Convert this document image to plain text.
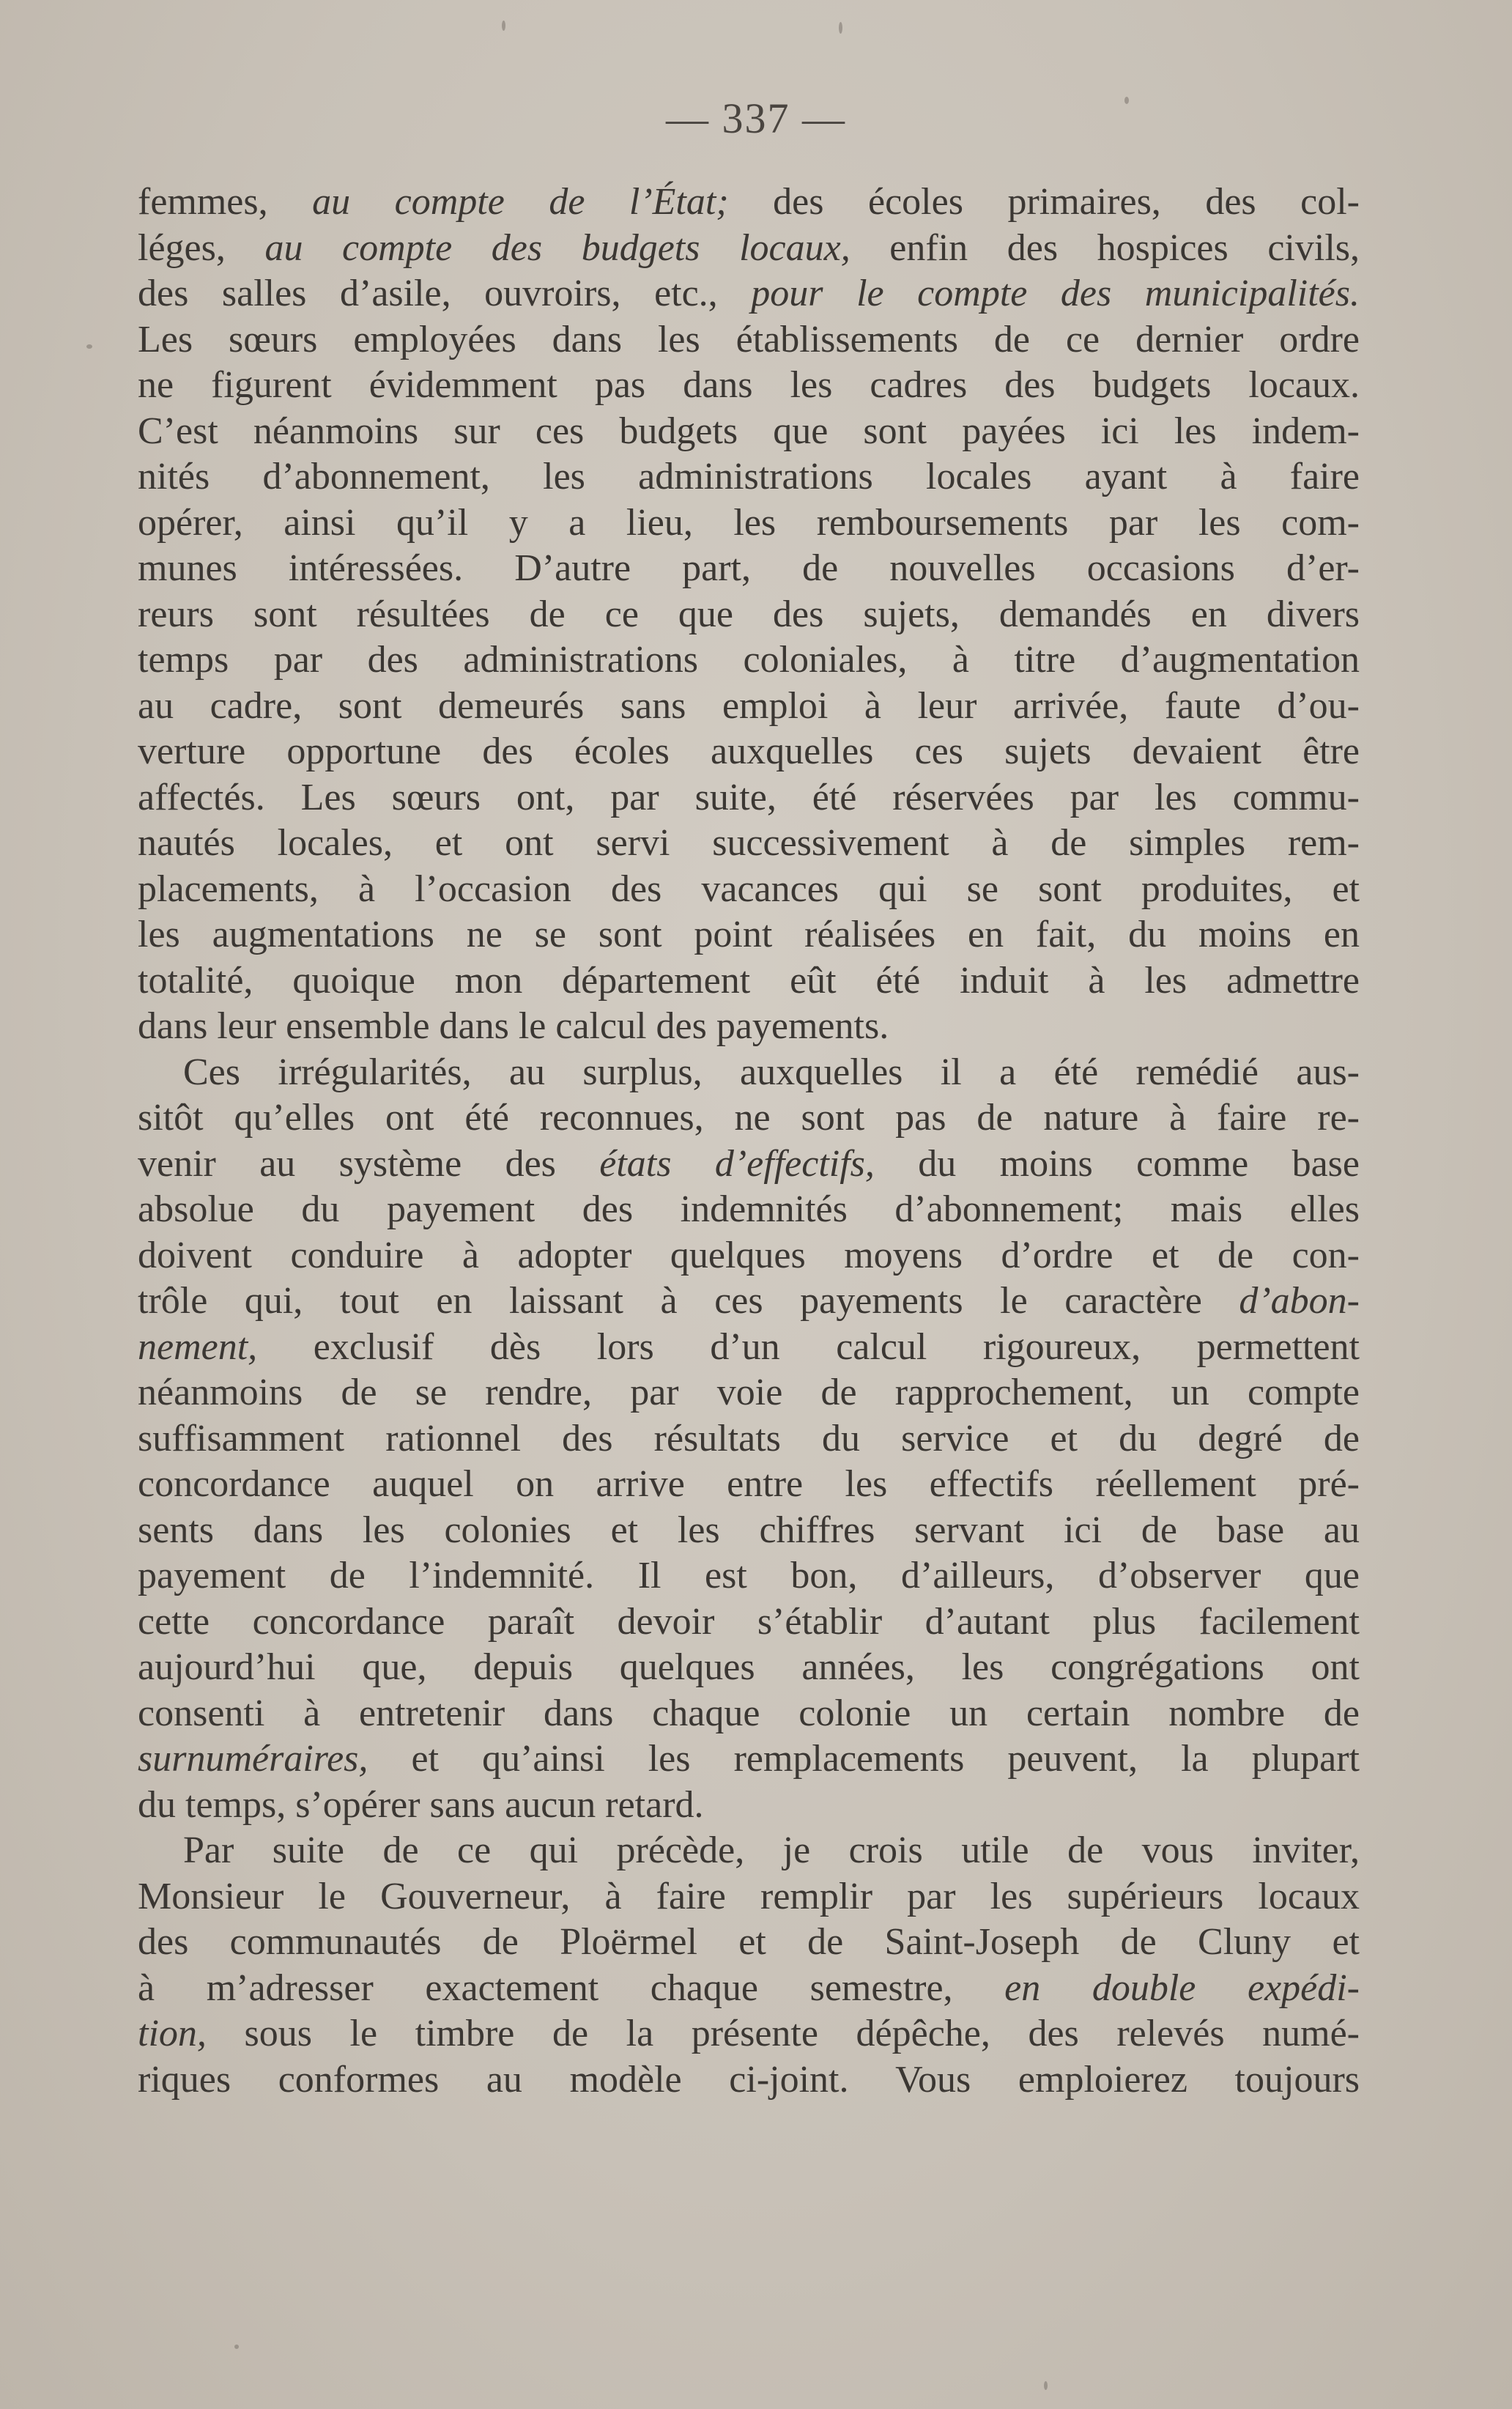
— 337 —
femmes, au compte de l’État; des écoles primaires, des col-
léges, au compte des budgets locaux, enfin des hospices civils,
des salles d’asile, ouvroirs, etc., pour le compte des municipalités.
Les sœurs employées dans les établissements de ce dernier ordre
ne figurent évidemment pas dans les cadres des budgets locaux.
C’est néanmoins sur ces budgets que sont payées ici les indem-
nités d’abonnement, les administrations locales ayant à faire
opérer, ainsi qu’il y a lieu, les remboursements par les com-
munes intéressées. D’autre part, de nouvelles occasions d’er-
reurs sont résultées de ce que des sujets, demandés en divers
temps par des administrations coloniales, à titre d’augmentation
au cadre, sont demeurés sans emploi à leur arrivée, faute d’ou-
verture opportune des écoles auxquelles ces sujets devaient être
affectés. Les sœurs ont, par suite, été réservées par les commu-
nautés locales, et ont servi successivement à de simples rem-
placements, à l’occasion des vacances qui se sont produites, et
les augmentations ne se sont point réalisées en fait, du moins en
totalité, quoique mon département eût été induit à les admettre
dans leur ensemble dans le calcul des payements.
Ces irrégularités, au surplus, auxquelles il a été remédié aus-
sitôt qu’elles ont été reconnues, ne sont pas de nature à faire re-
venir au système des états d’effectifs, du moins comme base
absolue du payement des indemnités d’abonnement; mais elles
doivent conduire à adopter quelques moyens d’ordre et de con-
trôle qui, tout en laissant à ces payements le caractère d’abon-
nement, exclusif dès lors d’un calcul rigoureux, permettent
néanmoins de se rendre, par voie de rapprochement, un compte
suffisamment rationnel des résultats du service et du degré de
concordance auquel on arrive entre les effectifs réellement pré-
sents dans les colonies et les chiffres servant ici de base au
payement de l’indemnité. Il est bon, d’ailleurs, d’observer que
cette concordance paraît devoir s’établir d’autant plus facilement
aujourd’hui que, depuis quelques années, les congrégations ont
consenti à entretenir dans chaque colonie un certain nombre de
surnuméraires, et qu’ainsi les remplacements peuvent, la plupart
du temps, s’opérer sans aucun retard.
Par suite de ce qui précède, je crois utile de vous inviter,
Monsieur le Gouverneur, à faire remplir par les supérieurs locaux
des communautés de Ploërmel et de Saint-Joseph de Cluny et
à m’adresser exactement chaque semestre, en double expédi-
tion, sous le timbre de la présente dépêche, des relevés numé-
riques conformes au modèle ci-joint. Vous emploierez toujours
